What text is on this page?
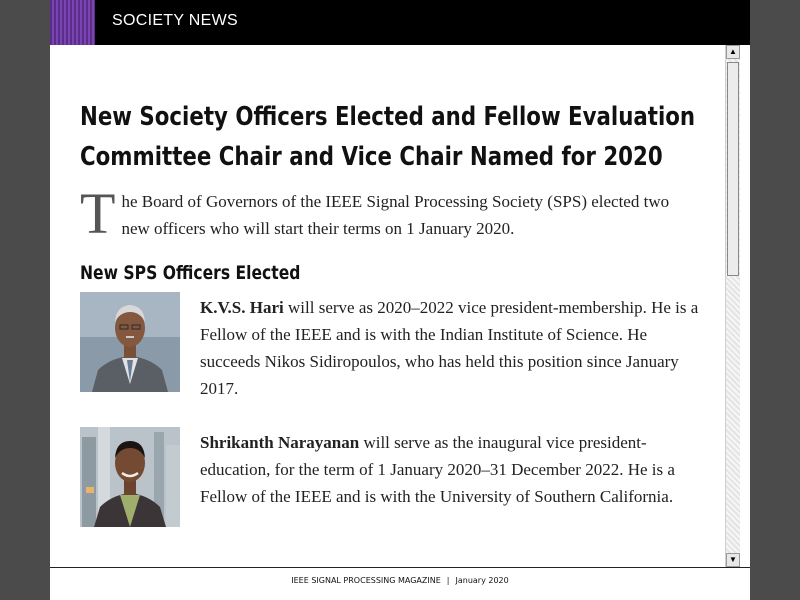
SOCIETY NEWS
New Society Officers Elected and Fellow Evaluation
Committee Chair and Vice Chair Named for 2020
The Board of Governors of the IEEE Signal Processing Society (SPS) elected two new officers who will start their terms on 1 January 2020.
New SPS Officers Elected
K.V.S. Hari will serve as 2020–2022 vice president-membership. He is a Fellow of the IEEE and is with the Indian Institute of Science. He succeeds Nikos Sidiropoulos, who has held this position since January 2017.
Shrikanth Narayanan will serve as the inaugural vice president-education, for the term of 1 January 2020–31 December 2022. He is a Fellow of the IEEE and is with the University of Southern California.
▲
▼
IEEE SIGNAL PROCESSING MAGAZINE | January 2020
